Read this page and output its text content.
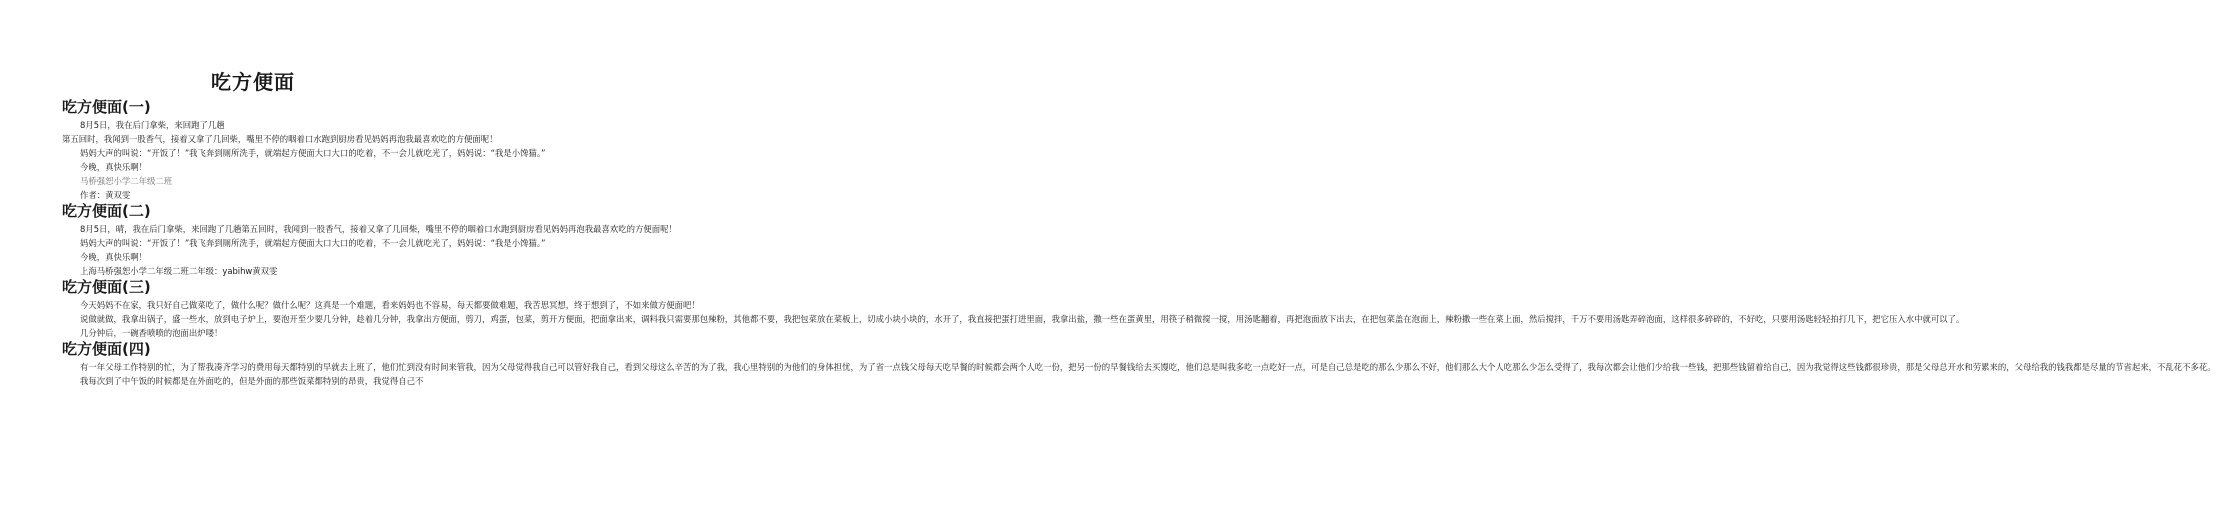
吃方便面
吃方便面(一)

8月5日，我在后门拿柴，来回跑了几趟

第五回时，我闻到一股香气，接着又拿了几回柴，嘴里不停的咽着口水跑到厨房看见妈妈再泡我最喜欢吃的方便面呢！

妈妈大声的叫说：“开饭了！”我飞奔到厕所洗手，就端起方便面大口大口的吃着，不一会儿就吃光了，妈妈说：“我是小馋猫。”

今晚，真快乐啊！

马桥强恕小学二年级二班

作者：黄双雯

吃方便面(二)

8月5日，晴，我在后门拿柴，来回跑了几趟第五回时，我闻到一股香气，接着又拿了几回柴，嘴里不停的咽着口水跑到厨房看见妈妈再泡我最喜欢吃的方便面呢！

妈妈大声的叫说：“开饭了！”我飞奔到厕所洗手，就端起方便面大口大口的吃着，不一会儿就吃光了，妈妈说：“我是小馋猫。”

今晚，真快乐啊！

上海马桥强恕小学二年级二班二年级：yabihw黄双雯

吃方便面(三)

今天妈妈不在家，我只好自己做菜吃了，做什么呢？做什么呢？这真是一个难题，看来妈妈也不容易，每天都要做难题，我苦思冥想，终于想到了，不如来做方便面吧！

说做就做，我拿出锅子，盛一些水，放到电子炉上，要泡开至少要几分钟，趁着几分钟，我拿出方便面，剪刀，鸡蛋，包菜，剪开方便面，把面拿出来，调料我只需要那包辣粉，其他都不要，我把包菜放在菜板上，切成小块小块的，水开了，我直接把蛋打进里面，我拿出盐，撒一些在蛋黄里，用筷子稍微搅一搅，用汤匙翻着，再把泡面放下出去，在把包菜盖在泡面上，辣粉撒一些在菜上面，然后搅拌，千万不要用汤匙弄碎泡面，这样很多碎碎的，不好吃，只要用汤匙轻轻拍打几下，把它压入水中就可以了。

几分钟后，一碗香喷喷的泡面出炉喽！

吃方便面(四)

有一年父母工作特别的忙，为了帮我凑齐学习的费用每天都特别的早就去上班了，他们忙到没有时间来管我，因为父母觉得我自己可以管好我自己，看到父母这么辛苦的为了我，我心里特别的为他们的身体担忧，为了省一点钱父母每天吃早餐的时候都会两个人吃一份，把另一份的早餐钱给去买馒吃，他们总是叫我多吃一点吃好一点，可是自己总是吃的那么少那么不好，他们那么大个人吃那么少怎么受得了，我每次都会让他们少给我一些钱，把那些钱留着给自己，因为我觉得这些钱都很珍贵，那是父母总开水和劳累来的，父母给我的钱我都是尽量的节省起来，不乱花不多花。

我每次到了中午饭的时候都是在外面吃的，但是外面的那些饭菜都特别的昂贵，我觉得自己不
